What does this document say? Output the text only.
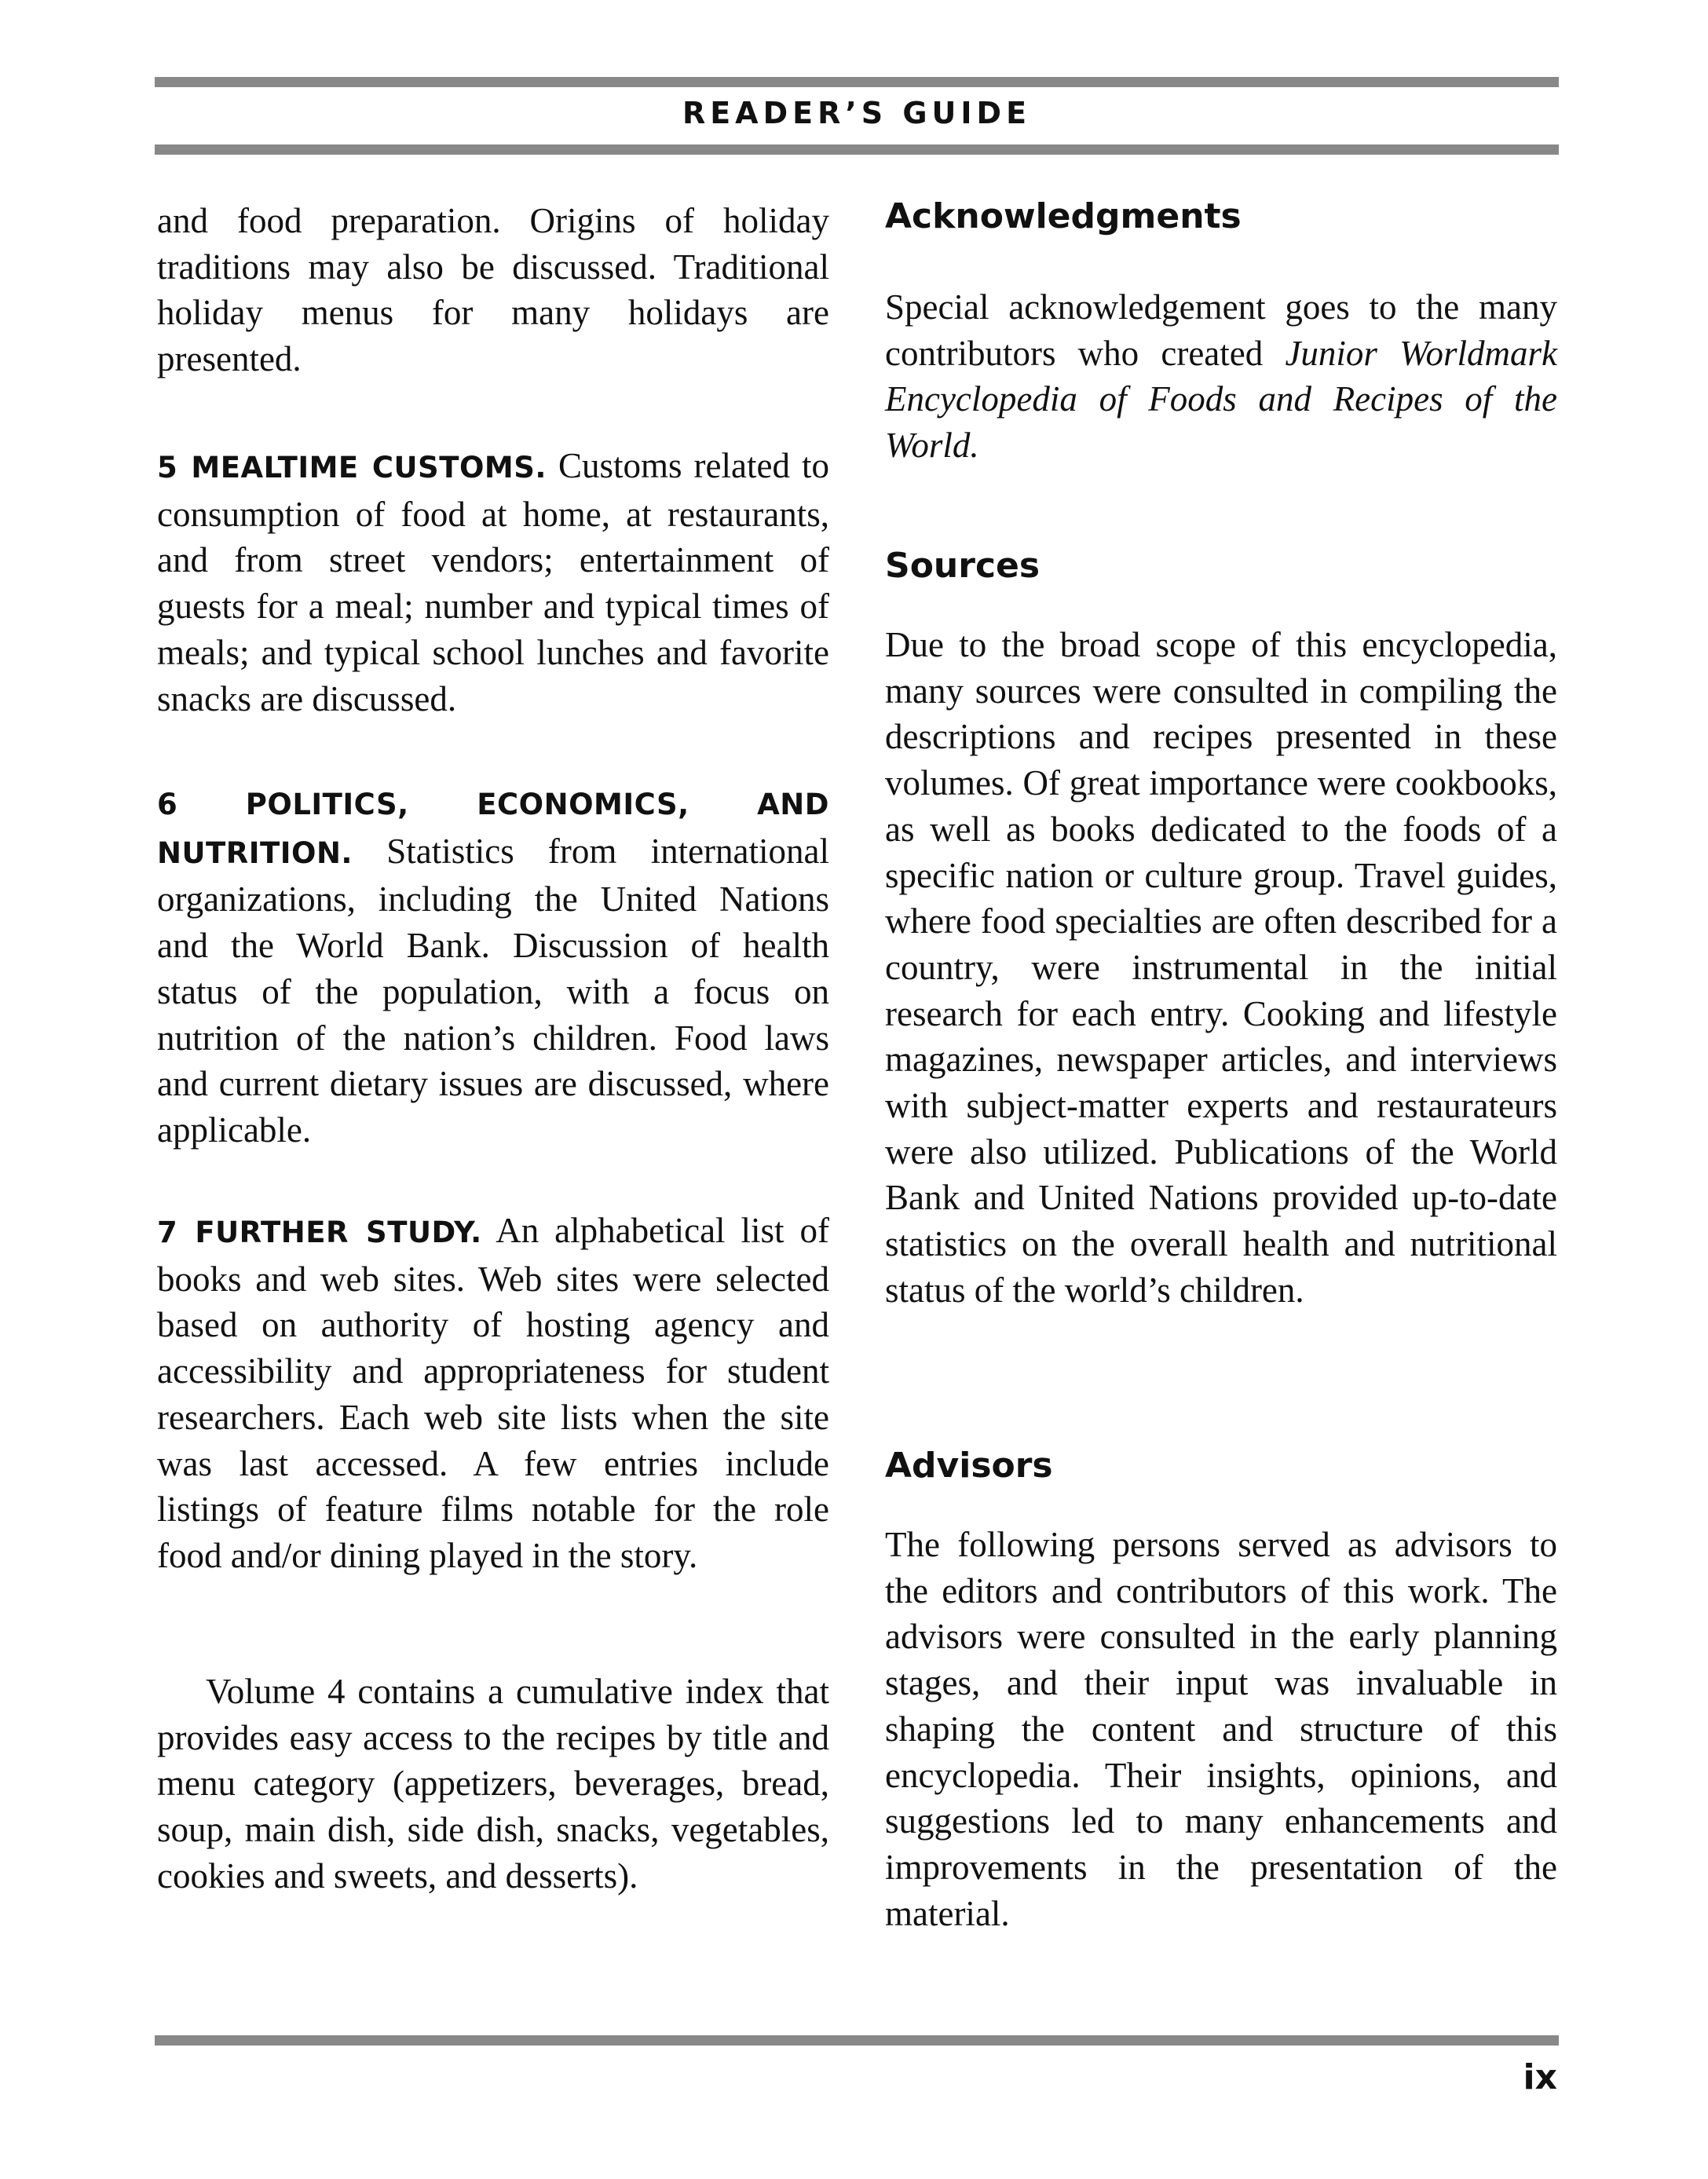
READER’S GUIDE
and food preparation. Origins of holiday traditions may also be discussed. Traditional holiday menus for many holidays are presented.
5 MEALTIME CUSTOMS. Customs related to consumption of food at home, at restaurants, and from street vendors; entertainment of guests for a meal; number and typical times of meals; and typical school lunches and favorite snacks are discussed.
6 POLITICS, ECONOMICS, AND NUTRITION. Statistics from international organizations, including the United Nations and the World Bank. Discussion of health status of the population, with a focus on nutrition of the nation’s children. Food laws and current dietary issues are discussed, where applicable.
7 FURTHER STUDY. An alphabetical list of books and web sites. Web sites were selected based on authority of hosting agency and accessibility and appropriateness for student researchers. Each web site lists when the site was last accessed. A few entries include listings of feature films notable for the role food and/or dining played in the story.
Volume 4 contains a cumulative index that provides easy access to the recipes by title and menu category (appetizers, beverages, bread, soup, main dish, side dish, snacks, vegetables, cookies and sweets, and desserts).
Acknowledgments
Special acknowledgement goes to the many contributors who created Junior Worldmark Encyclopedia of Foods and Recipes of the World.
Sources
Due to the broad scope of this encyclopedia, many sources were consulted in compiling the descriptions and recipes presented in these volumes. Of great importance were cookbooks, as well as books dedicated to the foods of a specific nation or culture group. Travel guides, where food specialties are often described for a country, were instrumental in the initial research for each entry. Cooking and lifestyle magazines, newspaper articles, and interviews with subject-matter experts and restaurateurs were also utilized. Publications of the World Bank and United Nations provided up-to-date statistics on the overall health and nutritional status of the world’s children.
Advisors
The following persons served as advisors to the editors and contributors of this work. The advisors were consulted in the early planning stages, and their input was invaluable in shaping the content and structure of this encyclopedia. Their insights, opinions, and suggestions led to many enhancements and improvements in the presentation of the material.
ix
